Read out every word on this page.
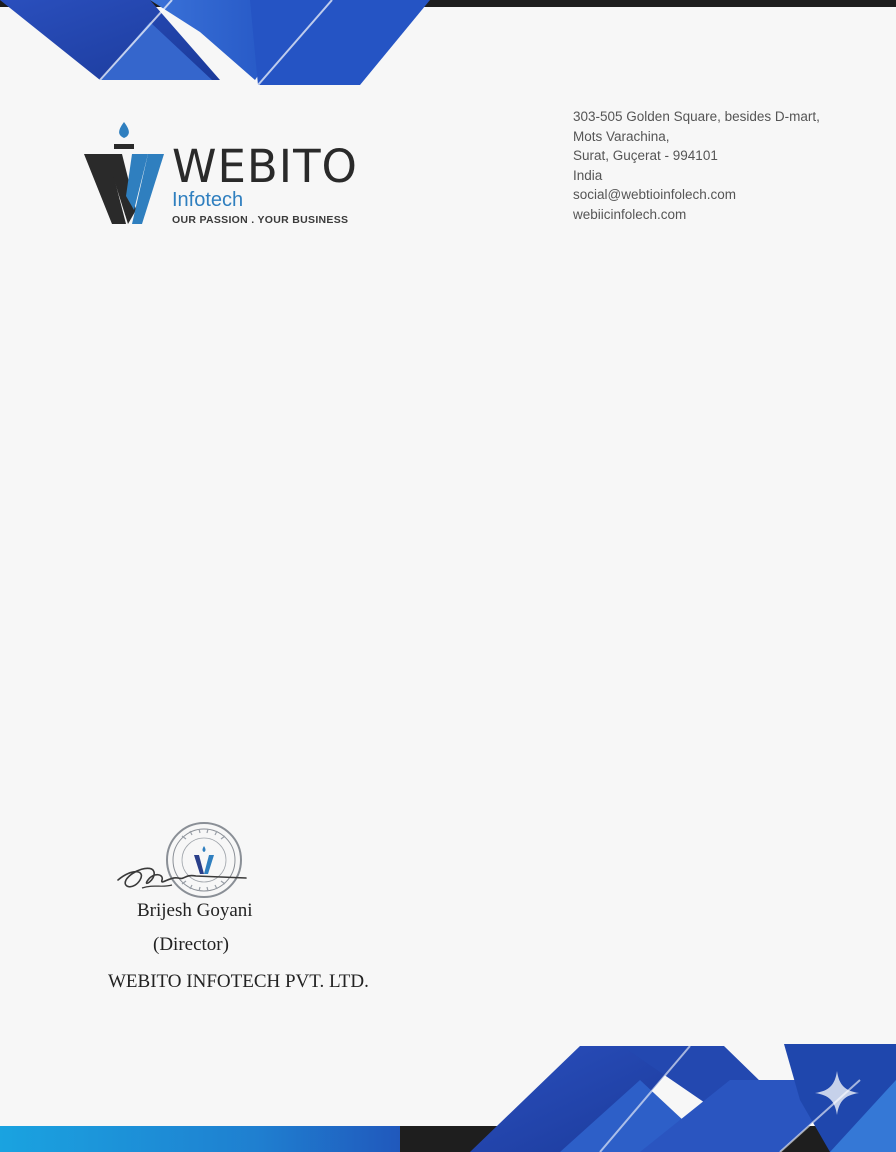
WEBITO
Infotech
OUR PASSION . YOUR BUSINESS
303-505 Golden Square, besides D-mart,
Mots Varachina,
Surat, Guçerat - 994101
India
social@webtioinfolech.com
webiicinfolech.com
Brijesh Goyani
(Director)
WEBITO INFOTECH PVT. LTD.
